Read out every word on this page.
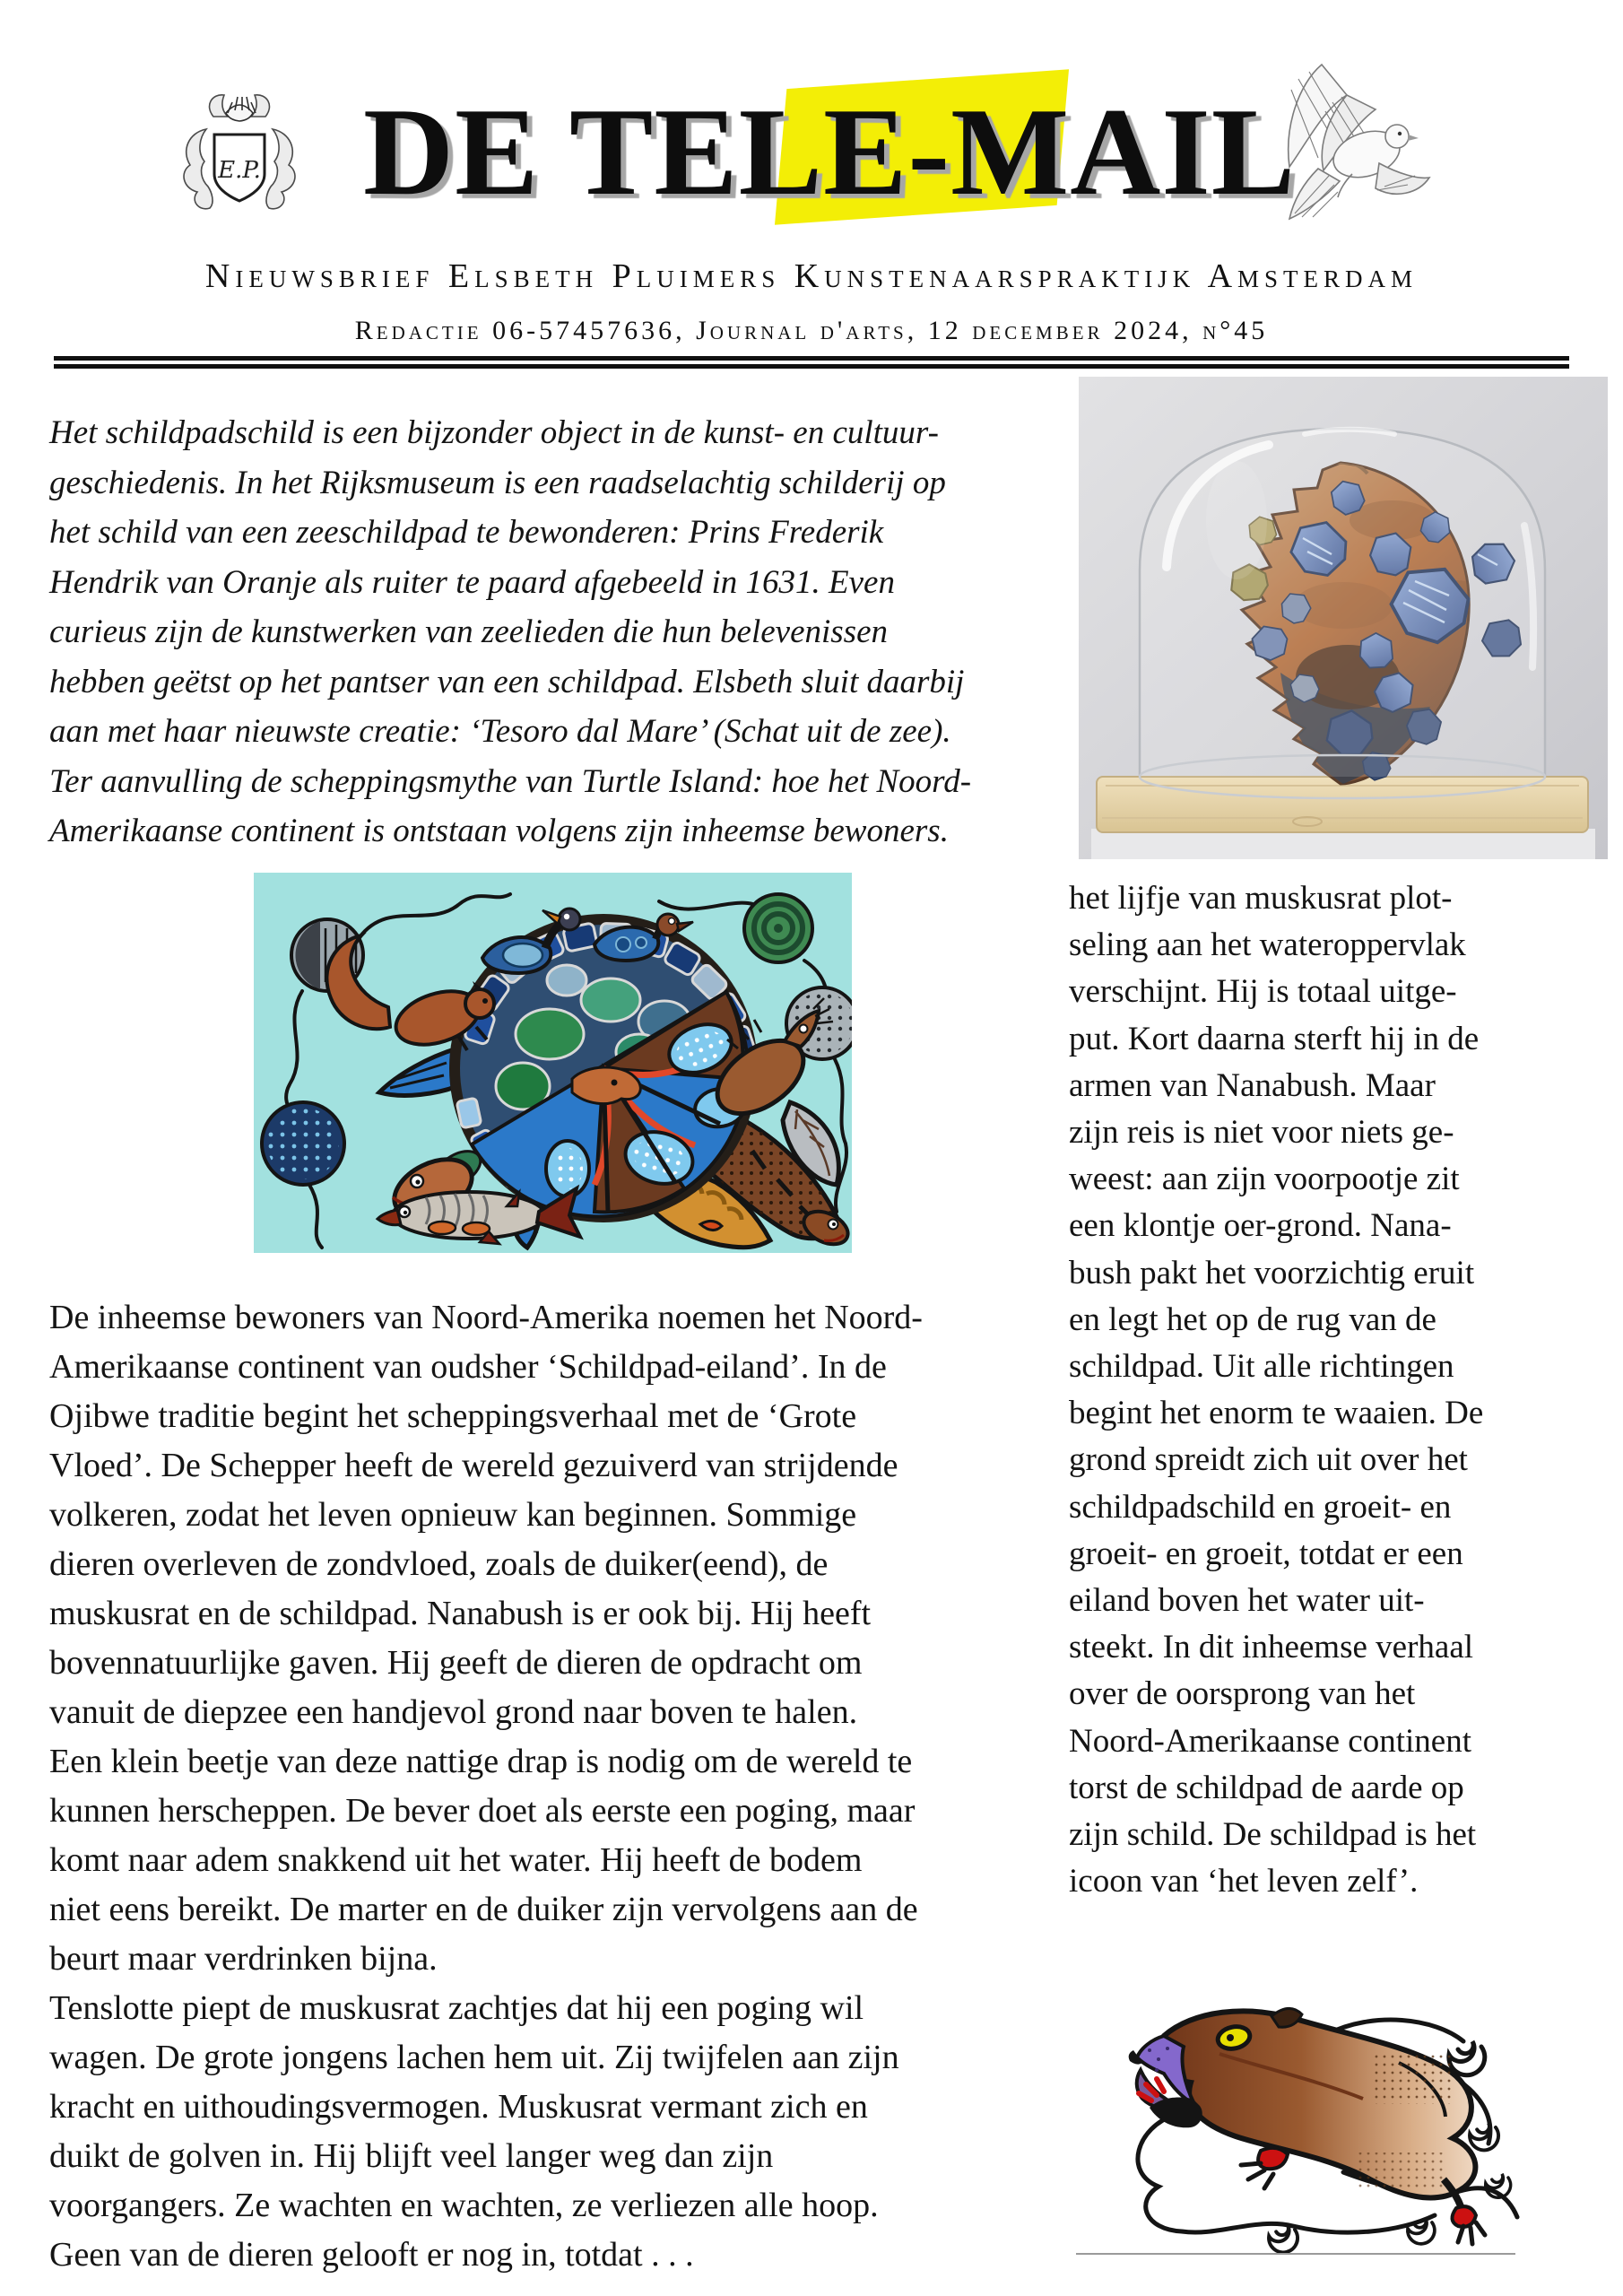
E.P. DE TELE-MAIL
Nieuwsbrief Elsbeth Pluimers Kunstenaarspraktijk Amsterdam
Redactie 06-57457636, Journal d'arts, 12 december 2024, n°45
Het schildpadschild is een bijzonder object in de kunst- en cultuur-
geschiedenis. In het Rijksmuseum is een raadselachtig schilderij op
het schild van een zeeschildpad te bewonderen: Prins Frederik
Hendrik van Oranje als ruiter te paard afgebeeld in 1631. Even
curieus zijn de kunstwerken van zeelieden die hun belevenissen
hebben geëtst op het pantser van een schildpad. Elsbeth sluit daarbij
aan met haar nieuwste creatie: ‘Tesoro dal Mare’ (Schat uit de zee).
Ter aanvulling de scheppingsmythe van Turtle Island: hoe het Noord-
Amerikaanse continent is ontstaan volgens zijn inheemse bewoners.
De inheemse bewoners van Noord-Amerika noemen het Noord-
Amerikaanse continent van oudsher ‘Schildpad-eiland’. In de
Ojibwe traditie begint het scheppingsverhaal met de ‘Grote
Vloed’. De Schepper heeft de wereld gezuiverd van strijdende
volkeren, zodat het leven opnieuw kan beginnen. Sommige
dieren overleven de zondvloed, zoals de duiker(eend), de
muskusrat en de schildpad. Nanabush is er ook bij. Hij heeft
bovennatuurlijke gaven. Hij geeft de dieren de opdracht om
vanuit de diepzee een handjevol grond naar boven te halen.
Een klein beetje van deze nattige drap is nodig om de wereld te
kunnen herscheppen. De bever doet als eerste een poging, maar
komt naar adem snakkend uit het water. Hij heeft de bodem
niet eens bereikt. De marter en de duiker zijn vervolgens aan de
beurt maar verdrinken bijna.
Tenslotte piept de muskusrat zachtjes dat hij een poging wil
wagen. De grote jongens lachen hem uit. Zij twijfelen aan zijn
kracht en uithoudingsvermogen. Muskusrat vermant zich en
duikt de golven in. Hij blijft veel langer weg dan zijn
voorgangers. Ze wachten en wachten, ze verliezen alle hoop.
Geen van de dieren gelooft er nog in, totdat . . .
het lijfje van muskusrat plot-
seling aan het wateroppervlak
verschijnt. Hij is totaal uitge-
put. Kort daarna sterft hij in de
armen van Nanabush. Maar
zijn reis is niet voor niets ge-
weest: aan zijn voorpootje zit
een klontje oer-grond. Nana-
bush pakt het voorzichtig eruit
en legt het op de rug van de
schildpad. Uit alle richtingen
begint het enorm te waaien. De
grond spreidt zich uit over het
schildpadschild en groeit- en
groeit- en groeit, totdat er een
eiland boven het water uit-
steekt. In dit inheemse verhaal
over de oorsprong van het
Noord-Amerikaanse continent
torst de schildpad de aarde op
zijn schild. De schildpad is het
icoon van ‘het leven zelf’.
